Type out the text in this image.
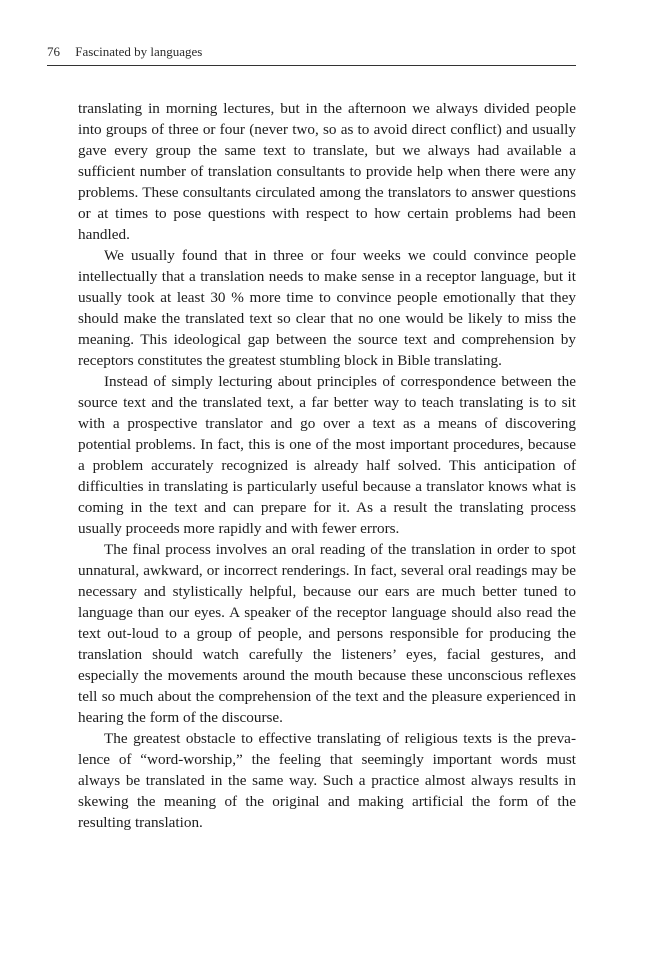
76 Fascinated by languages

translating in morning lectures, but in the afternoon we always divided people into groups of three or four (never two, so as to avoid direct conflict) and usually gave every group the same text to translate, but we always had available a sufficient number of translation consultants to provide help when there were any problems. These consultants circulated among the translators to answer questions or at times to pose questions with respect to how certain problems had been handled.

We usually found that in three or four weeks we could convince people intellectually that a translation needs to make sense in a receptor language, but it usually took at least 30 % more time to convince people emotionally that they should make the translated text so clear that no one would be likely to miss the meaning. This ideological gap between the source text and comprehension by receptors constitutes the greatest stumbling block in Bible translating.

Instead of simply lecturing about principles of correspondence between the source text and the translated text, a far better way to teach translating is to sit with a prospective translator and go over a text as a means of discovering potential problems. In fact, this is one of the most important procedures, because a problem accurately recognized is already half solved. This anticipation of difficulties in translating is particularly useful because a translator knows what is coming in the text and can prepare for it. As a result the translating process usually proceeds more rapidly and with fewer errors.

The final process involves an oral reading of the translation in order to spot unnatural, awkward, or incorrect renderings. In fact, several oral readings may be necessary and stylistically helpful, because our ears are much better tuned to language than our eyes. A speaker of the receptor language should also read the text out-loud to a group of people, and persons responsible for producing the translation should watch carefully the listeners’ eyes, facial gestures, and especially the movements around the mouth because these unconscious reflexes tell so much about the comprehension of the text and the pleasure experienced in hearing the form of the discourse.

The greatest obstacle to effective translating of religious texts is the prevalence of “word-worship,” the feeling that seemingly important words must always be translated in the same way. Such a practice almost always results in skewing the meaning of the original and making artificial the form of the resulting translation.
